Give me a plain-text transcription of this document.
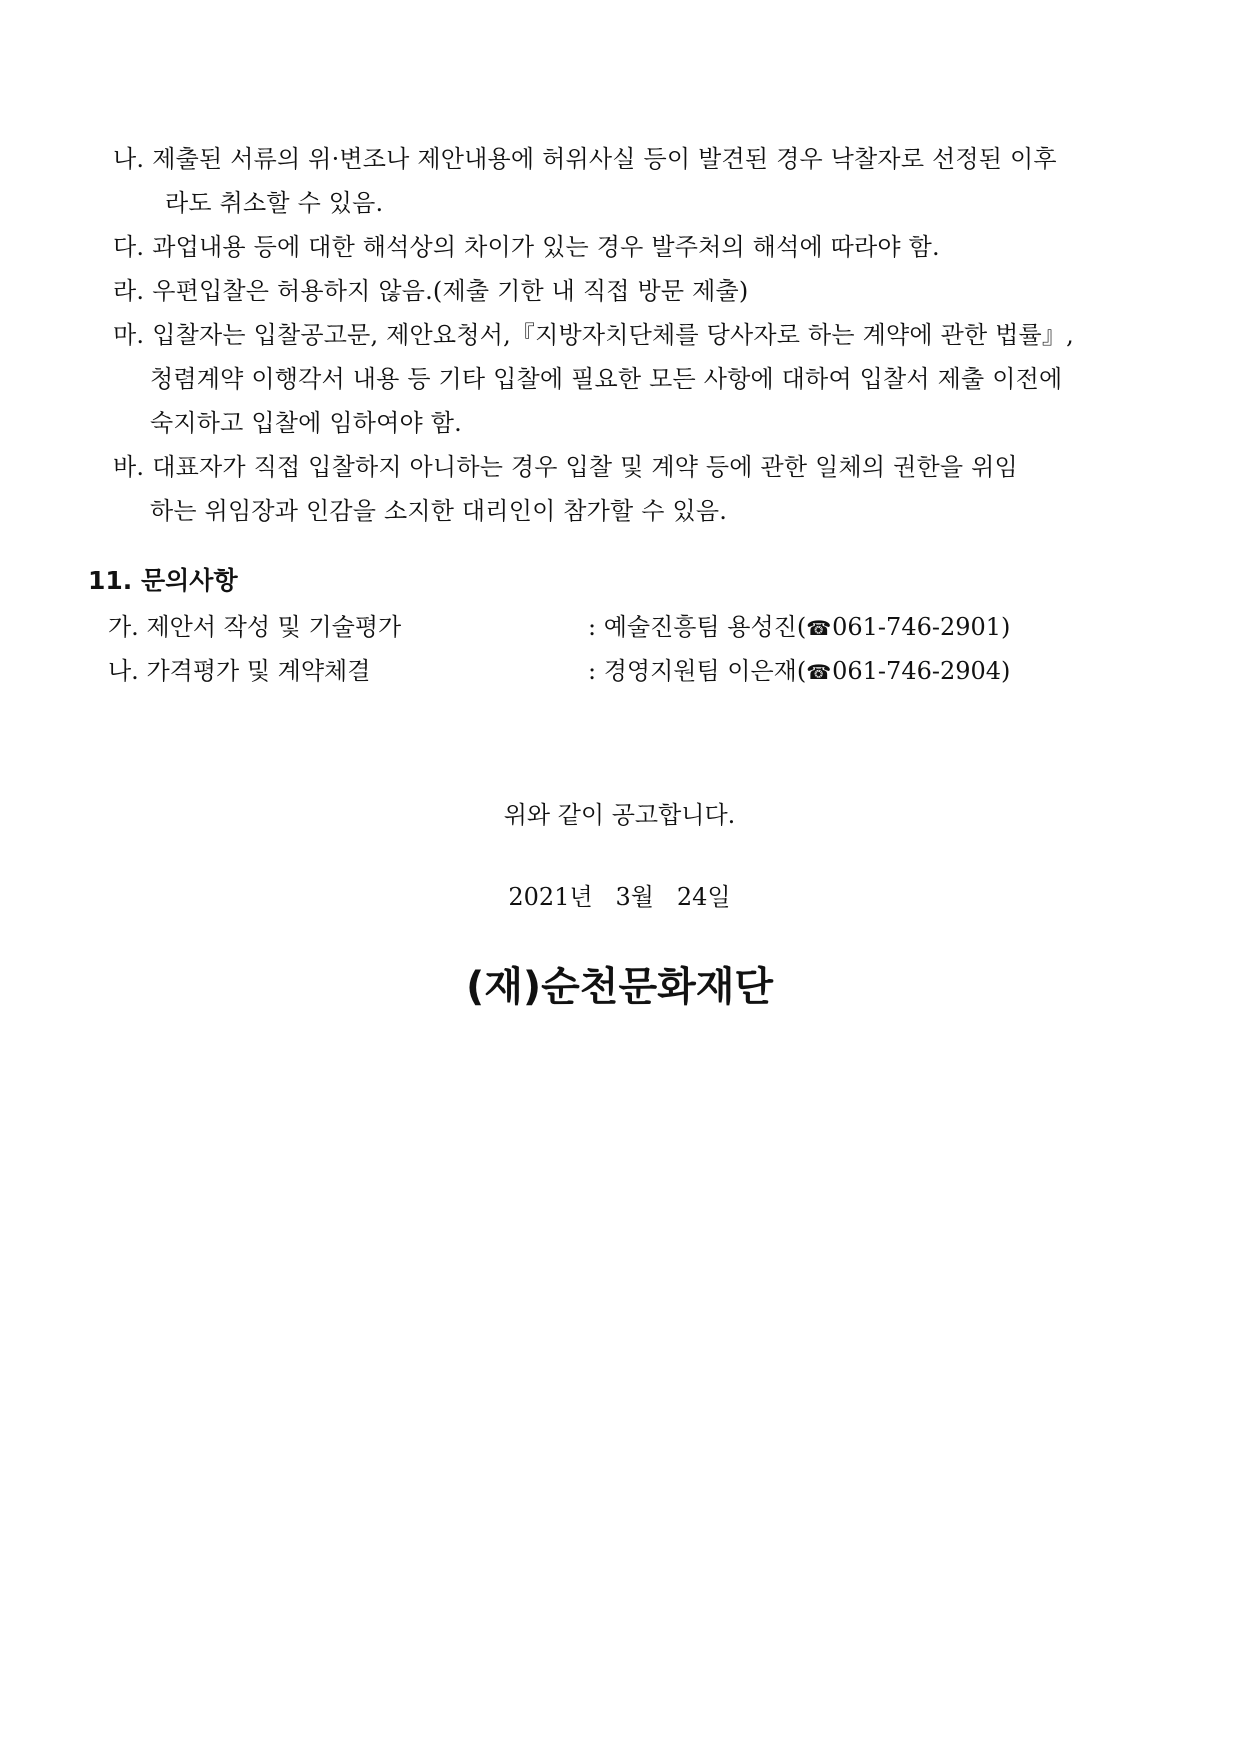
나. 제출된 서류의 위·변조나 제안내용에 허위사실 등이 발견된 경우 낙찰자로 선정된 이후
라도 취소할 수 있음.
다. 과업내용 등에 대한 해석상의 차이가 있는 경우 발주처의 해석에 따라야 함.
라. 우편입찰은 허용하지 않음.(제출 기한 내 직접 방문 제출)
마. 입찰자는 입찰공고문, 제안요청서,『지방자치단체를 당사자로 하는 계약에 관한 법률』,
청렴계약 이행각서 내용 등 기타 입찰에 필요한 모든 사항에 대하여 입찰서 제출 이전에
숙지하고 입찰에 임하여야 함.
바. 대표자가 직접 입찰하지 아니하는 경우 입찰 및 계약 등에 관한 일체의 권한을 위임
하는 위임장과 인감을 소지한 대리인이 참가할 수 있음.
11. 문의사항
가. 제안서 작성 및 기술평가	: 예술진흥팀 용성진(☎061-746-2901)
나. 가격평가 및 계약체결	: 경영지원팀 이은재(☎061-746-2904)
위와 같이 공고합니다.
2021년   3월   24일
(재)순천문화재단
